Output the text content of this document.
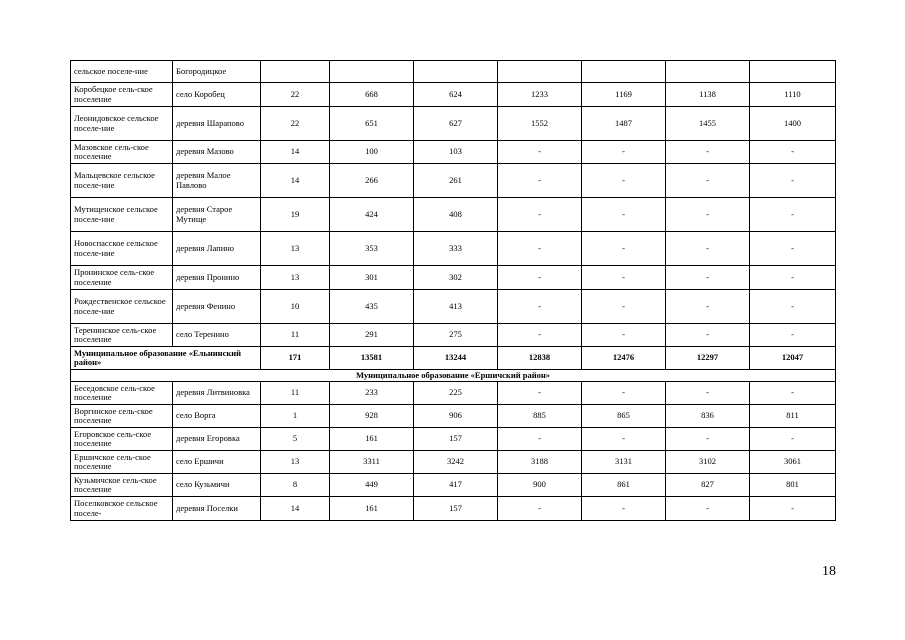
сельское поселе-ние	Богородицкое							
Коробецкое сель-ское поселение	село Коробец	22	668	624	1233	1169	1138	1110
Леонидовское сельское поселе-ние	деревня Шарапово	22	651	627	1552	1487	1455	1400
Мазовское сель-ское поселение	деревня Мазово	14	100	103	-	-	-	-
Мальцевское сельское поселе-ние	деревня Малое Павлово	14	266	261	-	-	-	-
Мутищенское сельское поселе-ние	деревня Старое Мутище	19	424	408	-	-	-	-
Новоспасское сельское поселе-ние	деревня Лапино	13	353	333	-	-	-	-
Пронинское сель-ское поселение	деревня Пронино	13	301	302	-	-	-	-
Рождественское сельское поселе-ние	деревня Фенино	10	435	413	-	-	-	-
Теренинское сель-ское поселение	село Теренино	11	291	275	-	-	-	-
Муниципальное образование «Ельнинский район»		171	13581	13244	12838	12476	12297	12047
Муниципальное образование «Ершичский район»								
Беседовское сель-ское поселение	деревня Литвиновка	11	233	225	-	-	-	-
Воргинское сель-ское поселение	село Ворга	1	928	906	885	865	836	811
Егоровское сель-ское поселение	деревня Егоровка	5	161	157	-	-	-	-
Ершичское сель-ское поселение	село Ершичи	13	3311	3242	3188	3131	3102	3061
Кузьмичское сель-ское поселение	село Кузьмичи	8	449	417	900	861	827	801
Поселковское сельское поселе-	деревня Поселки	14	161	157	-	-	-	-
18
